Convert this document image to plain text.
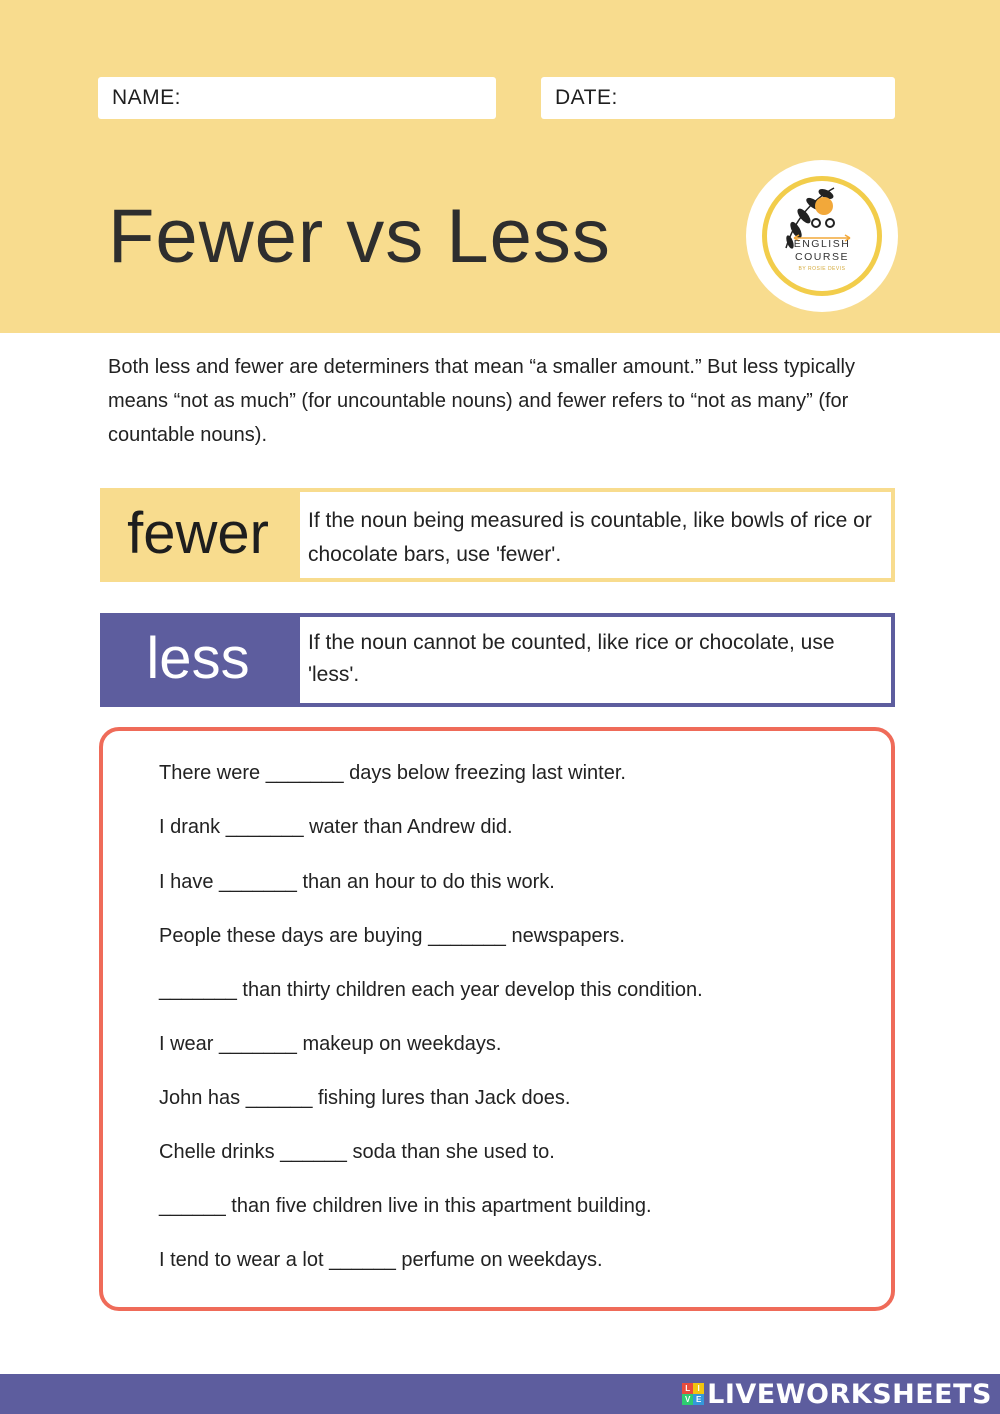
NAME:	DATE:
Fewer vs Less	ENGLISH
COURSE
BY ROSIE DEVIS
Both less and fewer are determiners that mean “a smaller amount.” But less typically means “not as much” (for uncountable nouns) and fewer refers to “not as many” (for countable nouns).
fewer	If the noun being measured is countable, like bowls of rice or chocolate bars, use 'fewer'.
less	If the noun cannot be counted, like rice or chocolate, use 'less'.
There were _______ days below freezing last winter.
I drank _______ water than Andrew did.
I have _______ than an hour to do this work.
People these days are buying _______ newspapers.
_______ than thirty children each year develop this condition.
I wear _______ makeup on weekdays.
John has ______ fishing lures than Jack does.
Chelle drinks ______ soda than she used to.
______ than five children live in this apartment building.
I tend to wear a lot ______ perfume on weekdays.
L I
V E LIVEWORKSHEETS
